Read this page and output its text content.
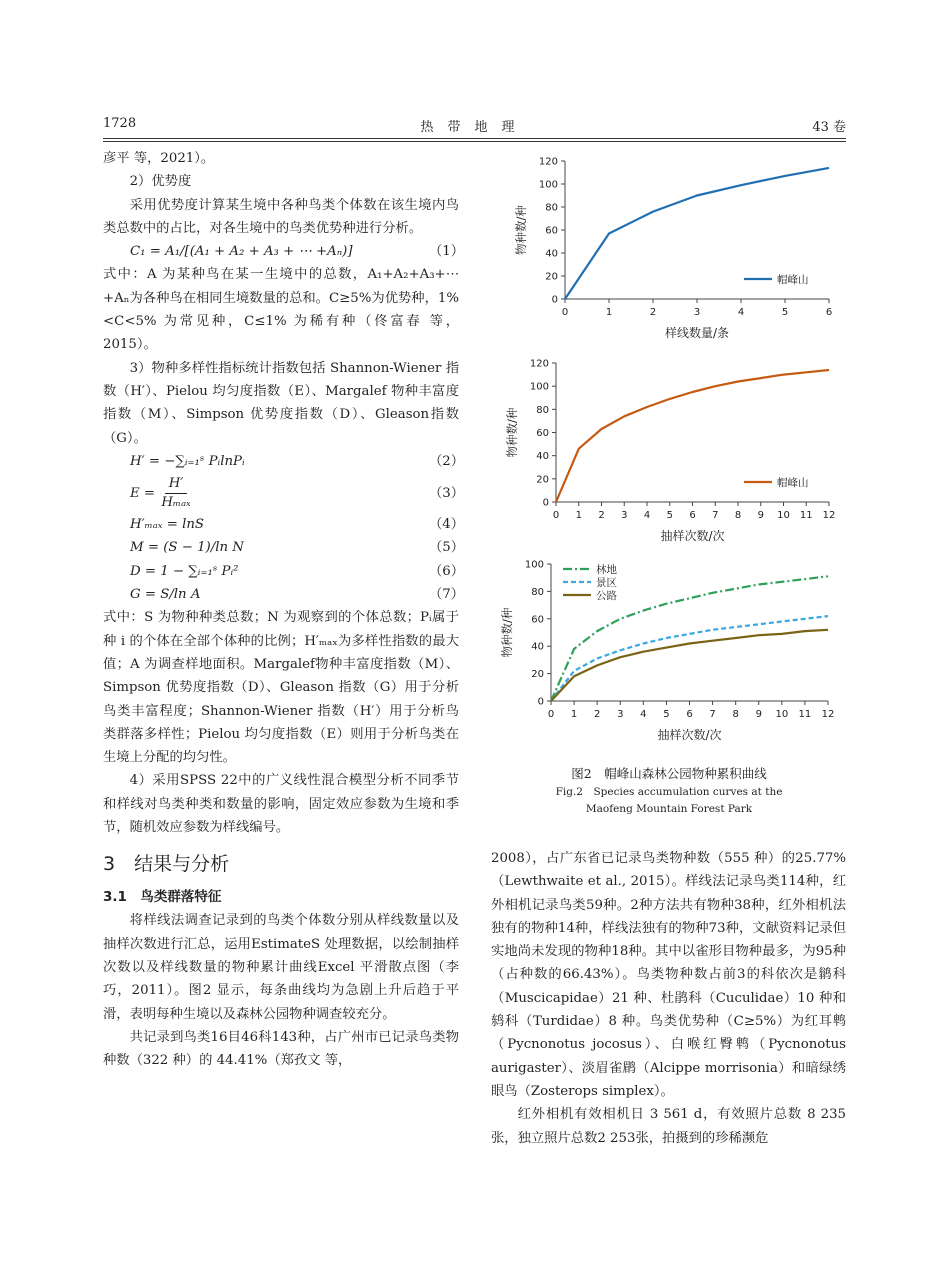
1728	热带地理	43 卷

彦平 等，2021）。

2）优势度

采用优势度计算某生境中各种鸟类个体数在该生境内鸟类总数中的占比，对各生境中的鸟类优势种进行分析。

C₁ = A₁/[(A₁ + A₂ + A₃ + ⋯ +Aₙ)]	（1）

式中：A 为某种鸟在某一生境中的总数，A₁+A₂+A₃+⋯+Aₙ为各种鸟在相同生境数量的总和。C≥5%为优势种，1%<C<5% 为常见种，C≤1% 为稀有种（佟富春 等，2015）。

3）物种多样性指标统计指数包括 Shannon-Wiener 指数（H′）、Pielou 均匀度指数（E）、Margalef 物种丰富度指数（M）、Simpson 优势度指数（D）、Gleason指数（G）。

H′ = −∑ᵢ₌₁ˢ PᵢlnPᵢ	（2）
$E = \frac{H'}{\text{Hₘₐₓ}}$	（3）
H′ₘₐₓ = lnS	（4）
M = (S − 1)/ln N	（5）
D = 1 − ∑ᵢ₌₁ˢ Pᵢ²	（6）
G = S/ln A	（7）

式中：S 为物种种类总数；N 为观察到的个体总数；Pᵢ属于种 i 的个体在全部个体种的比例；H′ₘₐₓ为多样性指数的最大值；A 为调查样地面积。Margalef物种丰富度指数（M）、Simpson 优势度指数（D）、Gleason 指数（G）用于分析鸟类丰富程度；Shannon-Wiener 指数（H′）用于分析鸟类群落多样性；Pielou 均匀度指数（E）则用于分析鸟类在生境上分配的均匀性。

4）采用SPSS 22中的广义线性混合模型分析不同季节和样线对鸟类种类和数量的影响，固定效应参数为生境和季节，随机效应参数为样线编号。

3　结果与分析
3.1　鸟类群落特征

将样线法调查记录到的鸟类个体数分别从样线数量以及抽样次数进行汇总，运用EstimateS 处理数据，以绘制抽样次数以及样线数量的物种累计曲线Excel 平滑散点图（李巧，2011）。图2 显示，每条曲线均为急剧上升后趋于平滑，表明每种生境以及森林公园物种调查较充分。

共记录到鸟类16目46科143种，占广州市已记录鸟类物种数（322 种）的 44.41%（郑孜文 等，

0
20
40
60
80
100
120
0	1	2	3	4	5	6
物种数/种
样线数量/条
帽峰山
0
20
40
60
80
100
120
0 1 2 3 4 5 6 7 8 9 10 11 12
物种数/种
抽样次数/次
帽峰山
0
20
40
60
80
100
0 1 2 3 4 5 6 7 8 9 10 11 12
物种数/种
抽样次数/次
林地
景区
公路
图2　帽峰山森林公园物种累积曲线
Fig.2　Species accumulation curves at the
Maofeng Mountain Forest Park

2008），占广东省已记录鸟类物种数（555 种）的25.77%（Lewthwaite et al., 2015）。样线法记录鸟类114种，红外相机记录鸟类59种。2种方法共有物种38种，红外相机法独有的物种14种，样线法独有的物种73种，文献资料记录但实地尚未发现的物种18种。其中以雀形目物种最多，为95种（占种数的66.43%）。鸟类物种数占前3的科依次是鹟科（Muscicapidae）21 种、杜鹃科（Cuculidae）10 种和鸫科（Turdidae）8 种。鸟类优势种（C≥5%）为红耳鹎（Pycnonotus jocosus）、白喉红臀鹎（Pycnonotus aurigaster）、淡眉雀鹛（Alcippe morrisonia）和暗绿绣眼鸟（Zosterops simplex）。

红外相机有效相机日 3 561 d，有效照片总数 8 235张，独立照片总数2 253张，拍摄到的珍稀濒危
